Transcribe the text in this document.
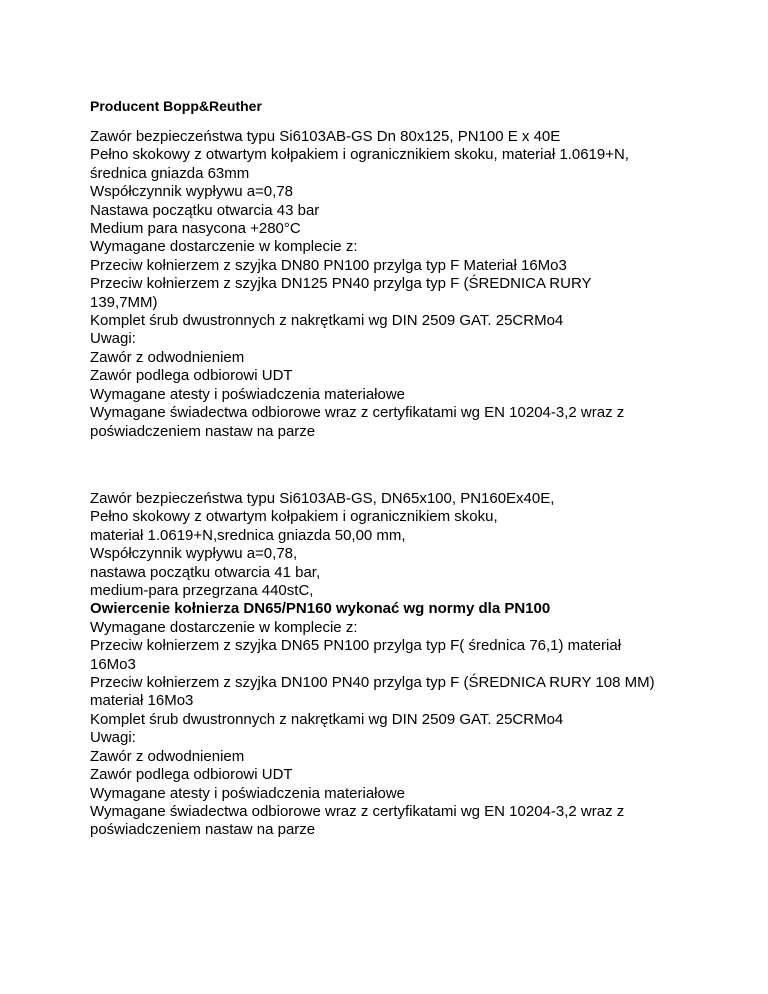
Producent Bopp&Reuther
Zawór bezpieczeństwa typu Si6103AB-GS Dn 80x125, PN100 E x 40E
Pełno skokowy z otwartym kołpakiem i ogranicznikiem skoku, materiał 1.0619+N,
średnica gniazda 63mm
Współczynnik wypływu a=0,78
Nastawa początku otwarcia 43 bar
Medium para nasycona +280°C
Wymagane dostarczenie w komplecie z:
Przeciw kołnierzem z szyjka DN80 PN100 przylga typ F Materiał 16Mo3
Przeciw kołnierzem z szyjka DN125 PN40 przylga typ F (ŚREDNICA RURY
139,7MM)
Komplet śrub dwustronnych z nakrętkami wg DIN 2509 GAT. 25CRMo4
Uwagi:
Zawór z odwodnieniem
Zawór podlega odbiorowi UDT
Wymagane atesty i poświadczenia materiałowe
Wymagane świadectwa odbiorowe wraz z certyfikatami wg EN 10204-3,2 wraz z
poświadczeniem nastaw na parze
Zawór bezpieczeństwa typu Si6103AB-GS, DN65x100, PN160Ex40E,
Pełno skokowy z otwartym kołpakiem i ogranicznikiem skoku,
materiał 1.0619+N,srednica gniazda 50,00 mm,
Współczynnik wypływu a=0,78,
nastawa początku otwarcia 41 bar,
medium-para przegrzana 440stC,
Owiercenie kołnierza DN65/PN160 wykonać wg normy dla PN100
Wymagane dostarczenie w komplecie z:
Przeciw kołnierzem z szyjka DN65 PN100 przylga typ F( średnica 76,1) materiał
16Mo3
Przeciw kołnierzem z szyjka DN100 PN40 przylga typ F (ŚREDNICA RURY 108 MM)
materiał 16Mo3
Komplet śrub dwustronnych z nakrętkami wg DIN 2509 GAT. 25CRMo4
Uwagi:
Zawór z odwodnieniem
Zawór podlega odbiorowi UDT
Wymagane atesty i poświadczenia materiałowe
Wymagane świadectwa odbiorowe wraz z certyfikatami wg EN 10204-3,2 wraz z
poświadczeniem nastaw na parze
